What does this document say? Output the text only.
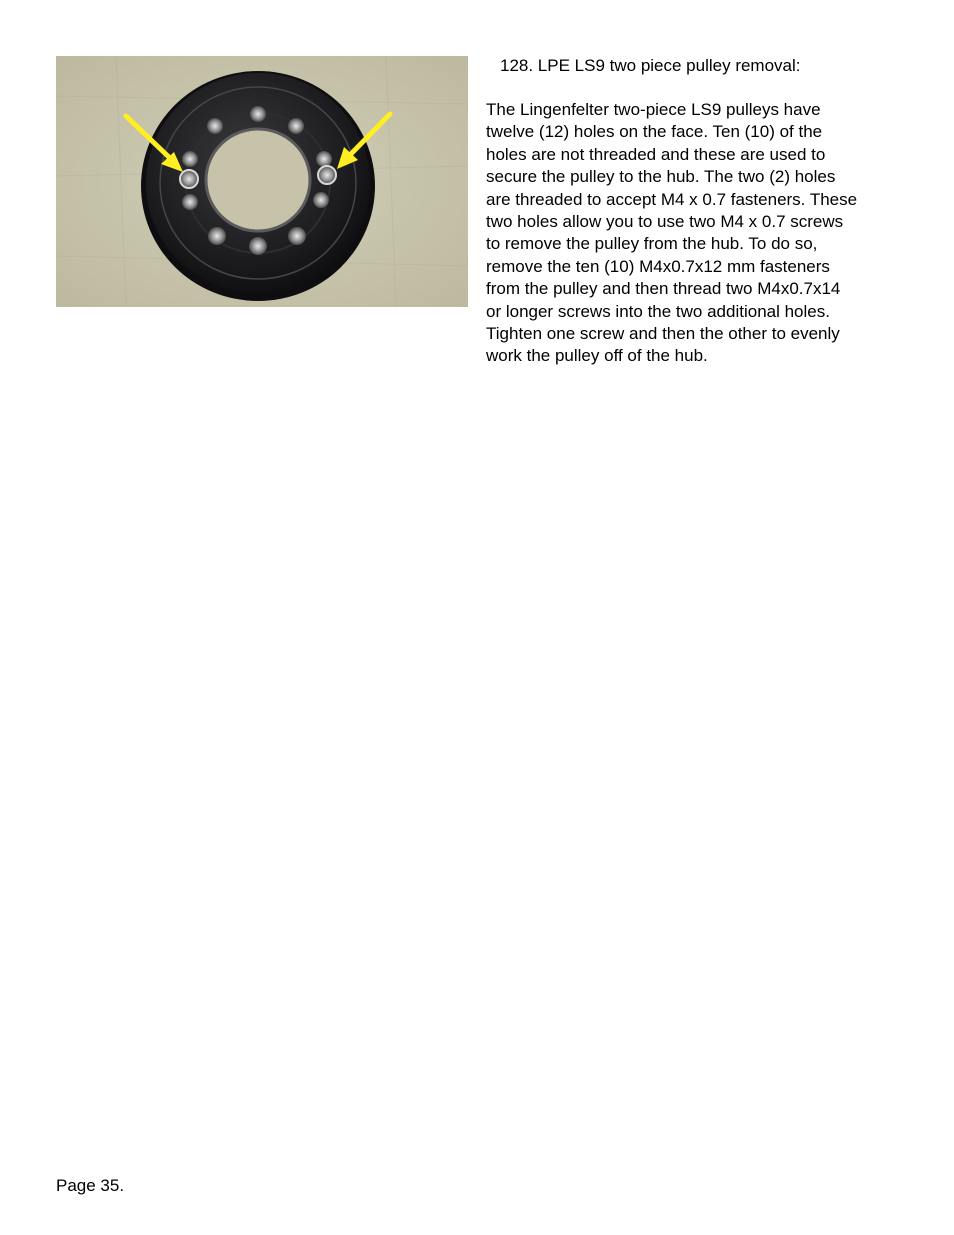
128. LPE LS9 two piece pulley removal:

The Lingenfelter two-piece LS9 pulleys have
twelve (12) holes on the face. Ten (10) of the
holes are not threaded and these are used to
secure the pulley to the hub. The two (2) holes
are threaded to accept M4 x 0.7 fasteners. These
two holes allow you to use two M4 x 0.7 screws
to remove the pulley from the hub. To do so,
remove the ten (10) M4x0.7x12 mm fasteners
from the pulley and then thread two M4x0.7x14
or longer screws into the two additional holes.
Tighten one screw and then the other to evenly
work the pulley off of the hub.

Page 35.
